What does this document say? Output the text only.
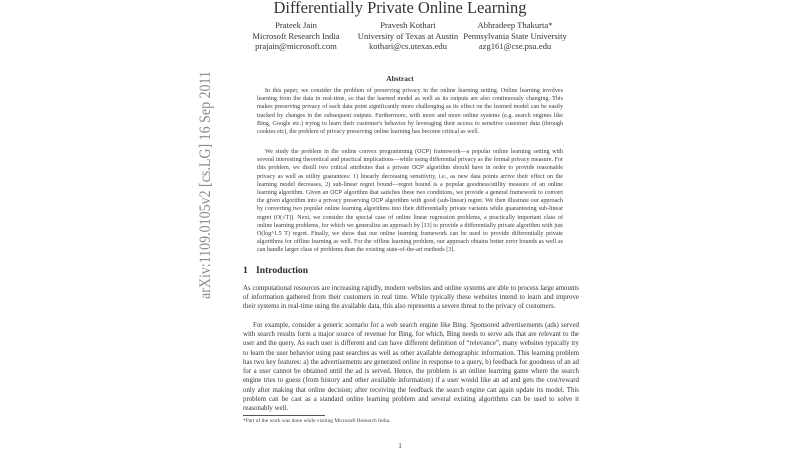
arXiv:1109.0105v2 [cs.LG] 16 Sep 2011
Differentially Private Online Learning
Prateek Jain
Microsoft Research India
prajain@microsoft.com
Pravesh Kothari
University of Texas at Austin
kothari@cs.utexas.edu
Abhradeep Thakurta*
Pennsylvania State University
azg161@cse.psu.edu
Abstract

In this paper, we consider the problem of preserving privacy in the online learning setting. Online learning involves learning from the data in real-time, so that the learned model as well as its outputs are also continuously changing. This makes preserving privacy of each data point significantly more challenging as its effect on the learned model can be easily tracked by changes in the subsequent outputs. Furthermore, with more and more online systems (e.g. search engines like Bing, Google etc.) trying to learn their customer's behavior by leveraging their access to sensitive customer data (through cookies etc), the problem of privacy preserving online learning has become critical as well.

We study the problem in the online convex programming (OCP) framework—a popular online learning setting with several interesting theoretical and practical implications—while using differential privacy as the formal privacy measure. For this problem, we distill two critical attributes that a private OCP algorithm should have in order to provide reasonable privacy as well as utility guarantees: 1) linearly decreasing sensitivity, i.e., as new data points arrive their effect on the learning model decreases, 2) sub-linear regret bound—regret bound is a popular goodness/utility measure of an online learning algorithm. Given an OCP algorithm that satisfies these two conditions, we provide a general framework to convert the given algorithm into a privacy preserving OCP algorithm with good (sub-linear) regret. We then illustrate our approach by converting two popular online learning algorithms into their differentially private variants while guaranteeing sub-linear regret (O(√T)). Next, we consider the special case of online linear regression problems, a practically important class of online learning problems, for which we generalize an approach by [13] to provide a differentially private algorithm with just O(log^1.5 T) regret. Finally, we show that our online learning framework can be used to provide differentially private algorithms for offline learning as well. For the offline learning problem, our approach obtains better error bounds as well as can handle larger class of problems than the existing state-of-the-art methods [3].

1 Introduction

As computational resources are increasing rapidly, modern websites and online systems are able to process large amounts of information gathered from their customers in real time. While typically these websites intend to learn and improve their systems in real-time using the available data, this also represents a severe threat to the privacy of customers.

For example, consider a generic scenario for a web search engine like Bing. Sponsored advertisements (ads) served with search results form a major source of revenue for Bing, for which, Bing needs to serve ads that are relevant to the user and the query. As each user is different and can have different definition of “relevance”, many websites typically try to learn the user behavior using past searches as well as other available demographic information. This learning problem has two key features: a) the advertisements are generated online in response to a query, b) feedback for goodness of an ad for a user cannot be obtained until the ad is served. Hence, the problem is an online learning game where the search engine tries to guess (from history and other available information) if a user would like an ad and gets the cost/reward only after making that online decision; after receiving the feedback the search engine can again update its model. This problem can be cast as a standard online learning problem and several existing algorithms can be used to solve it reasonably well.

*Part of the work was done while visiting Microsoft Research India.
1
